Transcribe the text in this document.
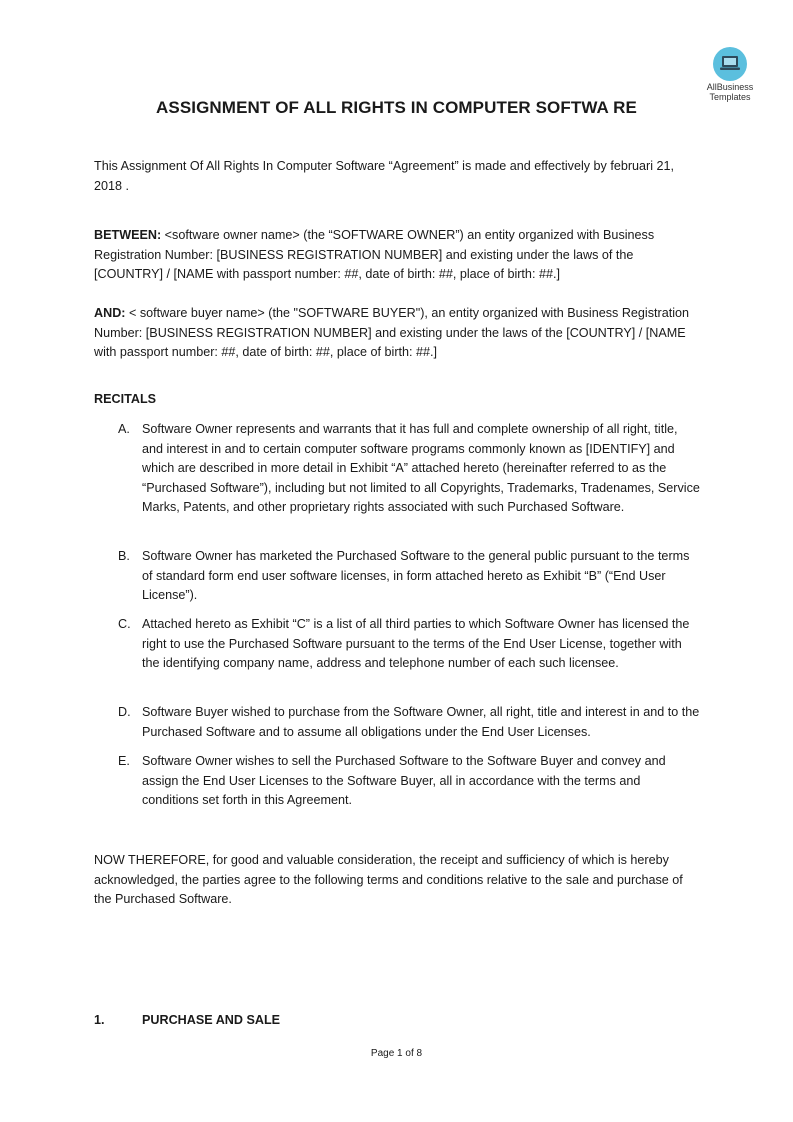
AllBusiness
Templates
ASSIGNMENT OF ALL RIGHTS IN COMPUTER SOFTWA RE

This Assignment Of All Rights In Computer Software “Agreement” is made and effectively by februari 21, 2018 .

BETWEEN: <software owner name> (the “SOFTWARE OWNER”) an entity organized with Business Registration Number: [BUSINESS REGISTRATION NUMBER] and existing under the laws of the [COUNTRY] / [NAME with passport number: ##, date of birth: ##, place of birth: ##.]

AND: < software buyer name> (the "SOFTWARE BUYER"), an entity organized with Business Registration Number: [BUSINESS REGISTRATION NUMBER] and existing under the laws of the [COUNTRY] / [NAME with passport number: ##, date of birth: ##, place of birth: ##.]

RECITALS
A. Software Owner represents and warrants that it has full and complete ownership of all right, title, and interest in and to certain computer software programs commonly known as [IDENTIFY] and which are described in more detail in Exhibit “A” attached hereto (hereinafter referred to as the “Purchased Software”), including but not limited to all Copyrights, Trademarks, Tradenames, Service Marks, Patents, and other proprietary rights associated with such Purchased Software.
B. Software Owner has marketed the Purchased Software to the general public pursuant to the terms of standard form end user software licenses, in form attached hereto as Exhibit “B” (“End User License”).
C. Attached hereto as Exhibit “C” is a list of all third parties to which Software Owner has licensed the right to use the Purchased Software pursuant to the terms of the End User License, together with the identifying company name, address and telephone number of each such licensee.
D. Software Buyer wished to purchase from the Software Owner, all right, title and interest in and to the Purchased Software and to assume all obligations under the End User Licenses.
E. Software Owner wishes to sell the Purchased Software to the Software Buyer and convey and assign the End User Licenses to the Software Buyer, all in accordance with the terms and conditions set forth in this Agreement.

NOW THEREFORE, for good and valuable consideration, the receipt and sufficiency of which is hereby acknowledged, the parties agree to the following terms and conditions relative to the sale and purchase of the Purchased Software.

1.	PURCHASE AND SALE
Page 1 of 8
